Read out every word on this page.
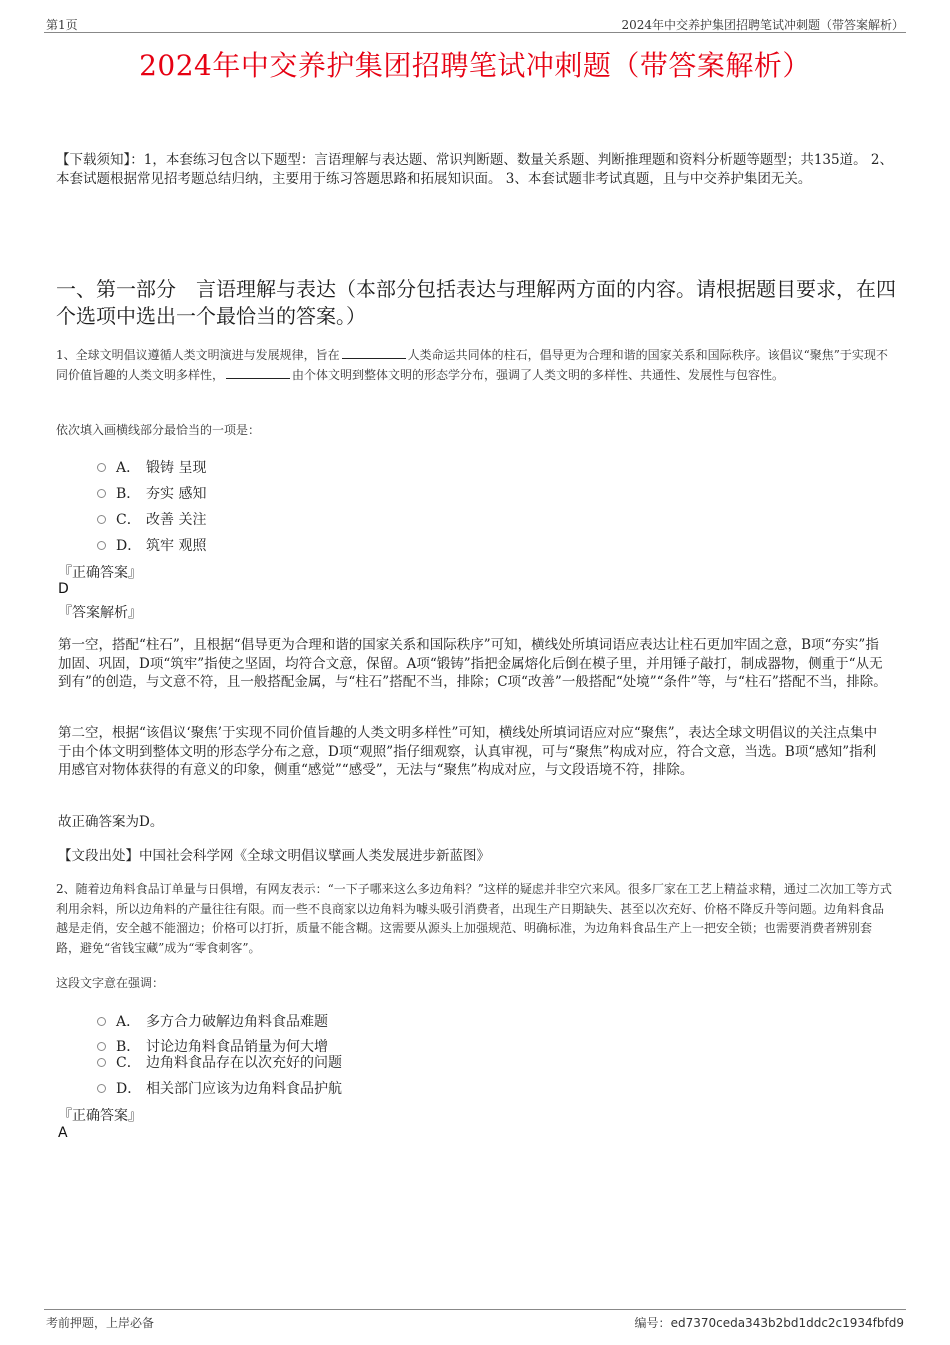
第1页	2024年中交养护集团招聘笔试冲刺题（带答案解析）
2024年中交养护集团招聘笔试冲刺题（带答案解析）
【下载须知】：1，本套练习包含以下题型：言语理解与表达题、常识判断题、数量关系题、判断推理题和资料分析题等题型；共135道。 2、本套试题根据常见招考题总结归纳，主要用于练习答题思路和拓展知识面。 3、本套试题非考试真题，且与中交养护集团无关。
一、第一部分　言语理解与表达（本部分包括表达与理解两方面的内容。请根据题目要求，在四个选项中选出一个最恰当的答案。）
1、全球文明倡议遵循人类文明演进与发展规律，旨在	人类命运共同体的柱石，倡导更为合理和谐的国家关系和国际秩序。该倡议“聚焦”于实现不同价值旨趣的人类文明多样性，	由个体文明到整体文明的形态学分布，强调了人类文明的多样性、共通性、发展性与包容性。
依次填入画横线部分最恰当的一项是：
A． 锻铸 呈现
B． 夯实 感知
C． 改善 关注
D． 筑牢 观照
『正确答案』
D
『答案解析』
第一空，搭配“柱石”，且根据“倡导更为合理和谐的国家关系和国际秩序”可知，横线处所填词语应表达让柱石更加牢固之意，B项“夯实”指加固、巩固，D项“筑牢”指使之坚固，均符合文意，保留。A项“锻铸”指把金属熔化后倒在模子里，并用锤子敲打，制成器物，侧重于“从无到有”的创造，与文意不符，且一般搭配金属，与“柱石”搭配不当，排除；C项“改善”一般搭配“处境”“条件”等，与“柱石”搭配不当，排除。
第二空，根据“该倡议‘聚焦’于实现不同价值旨趣的人类文明多样性”可知，横线处所填词语应对应“聚焦”，表达全球文明倡议的关注点集中于由个体文明到整体文明的形态学分布之意，D项“观照”指仔细观察，认真审视，可与“聚焦”构成对应，符合文意，当选。B项“感知”指利用感官对物体获得的有意义的印象，侧重“感觉”“感受”，无法与“聚焦”构成对应，与文段语境不符，排除。
故正确答案为D。
【文段出处】中国社会科学网《全球文明倡议擘画人类发展进步新蓝图》
2、随着边角料食品订单量与日俱增，有网友表示：“一下子哪来这么多边角料？”这样的疑虑并非空穴来风。很多厂家在工艺上精益求精，通过二次加工等方式利用余料，所以边角料的产量往往有限。而一些不良商家以边角料为噱头吸引消费者，出现生产日期缺失、甚至以次充好、价格不降反升等问题。边角料食品越是走俏，安全越不能溜边；价格可以打折，质量不能含糊。这需要从源头上加强规范、明确标准，为边角料食品生产上一把安全锁；也需要消费者辨别套路，避免“省钱宝藏”成为“零食刺客”。
这段文字意在强调：
A． 多方合力破解边角料食品难题
B． 讨论边角料食品销量为何大增
C． 边角料食品存在以次充好的问题
D． 相关部门应该为边角料食品护航
『正确答案』
A
考前押题，上岸必备	编号：ed7370ceda343b2bd1ddc2c1934fbfd9
